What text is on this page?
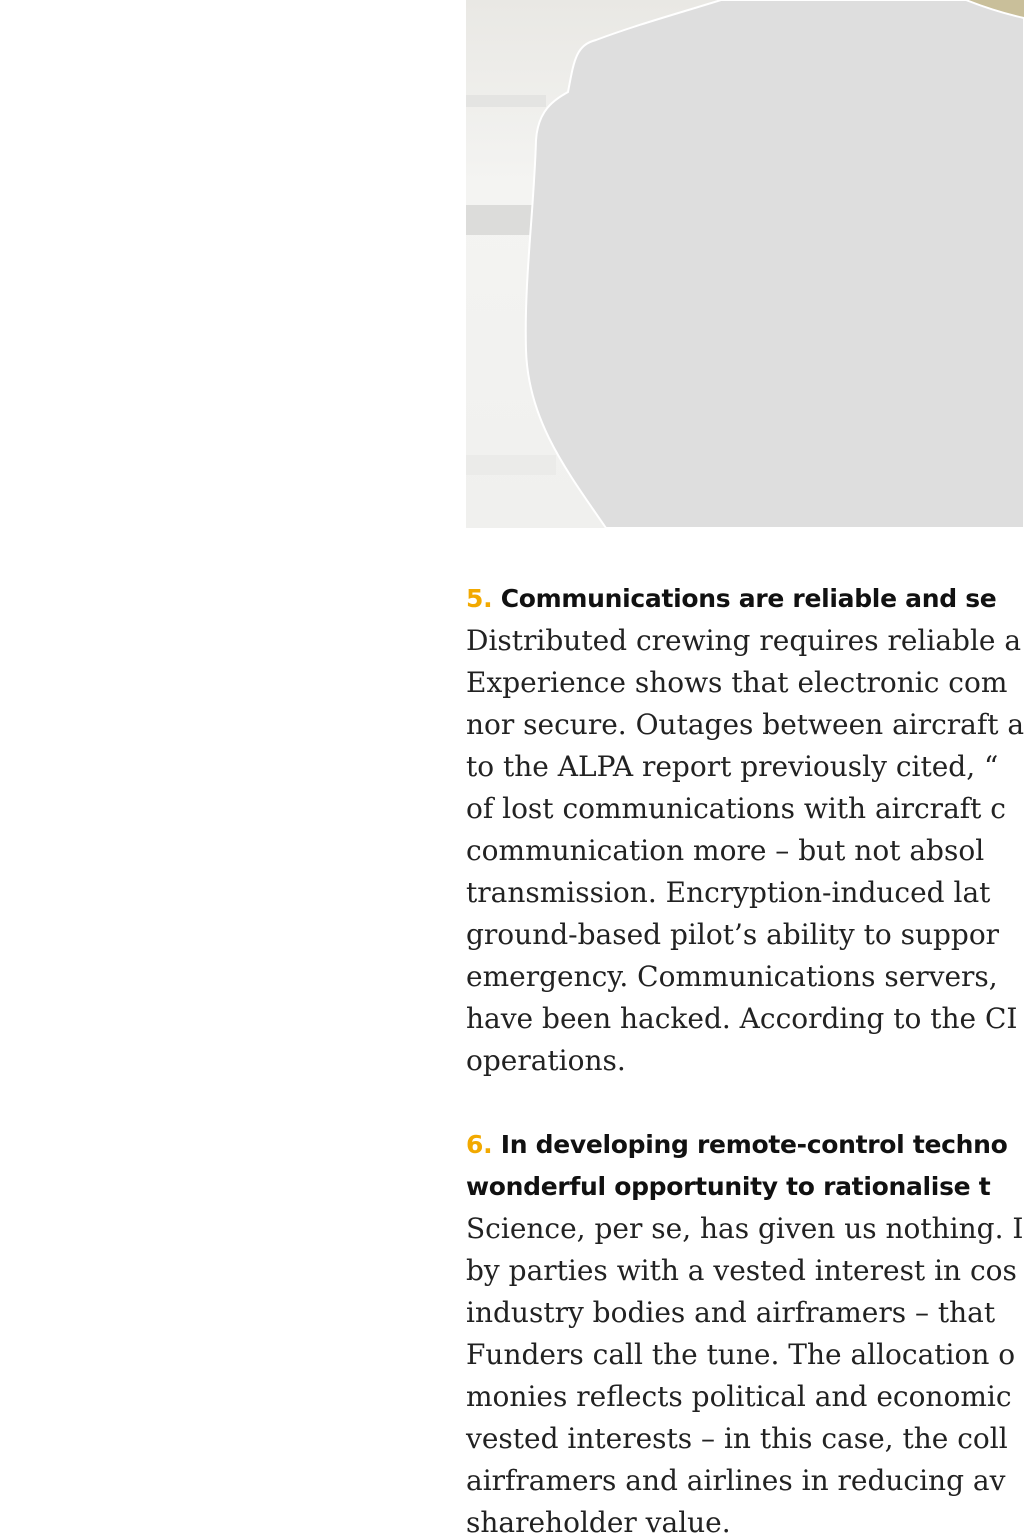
5. Communications are reliable and se
Distributed crewing requires reliable a
Experience shows that electronic com
nor secure. Outages between aircraft a
to the ALPA report previously cited, “
of lost communications with aircraft c
communication more – but not absol
transmission. Encryption-induced lat
ground-based pilot’s ability to suppor
emergency. Communications servers,
have been hacked. According to the CI
operations.
6. In developing remote-control techno
wonderful opportunity to rationalise t
Science, per se, has given us nothing. I
by parties with a vested interest in cos
industry bodies and airframers – that
Funders call the tune. The allocation o
monies reflects political and economic
vested interests – in this case, the coll
airframers and airlines in reducing av
shareholder value.
